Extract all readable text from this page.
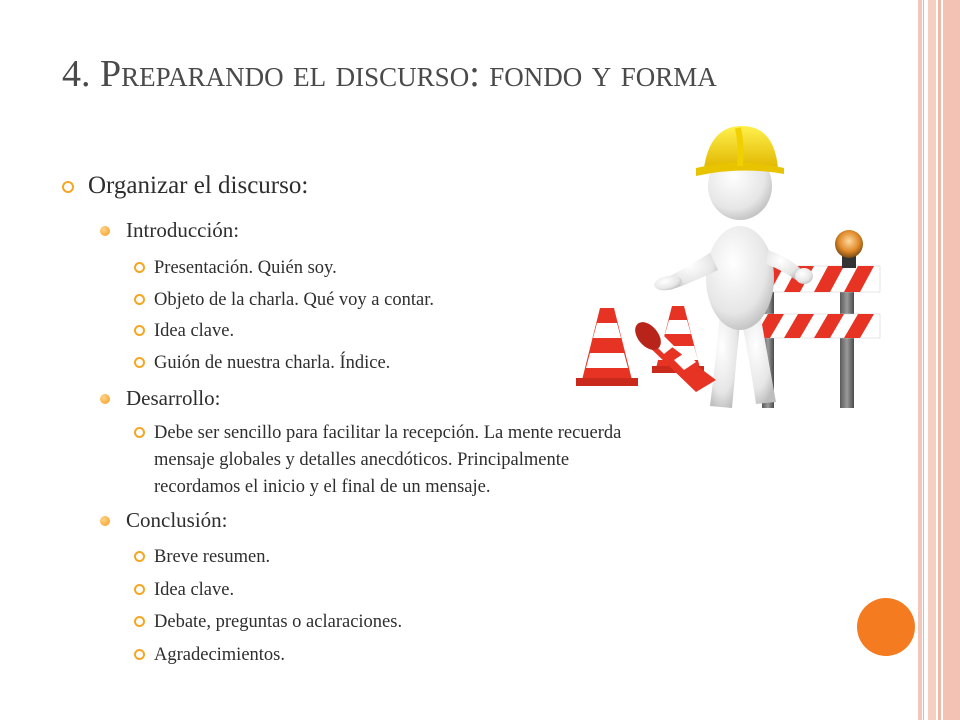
4. Preparando el discurso: fondo y forma
Organizar el discurso:
Introducción:
Presentación. Quién soy.
Objeto de la charla. Qué voy a contar.
Idea clave.
Guión de nuestra charla. Índice.
Desarrollo:
Debe ser sencillo para facilitar la recepción. La mente recuerda
mensaje globales y detalles anecdóticos. Principalmente
recordamos el inicio y el final de un mensaje.
Conclusión:
Breve resumen.
Idea clave.
Debate, preguntas o aclaraciones.
Agradecimientos.
